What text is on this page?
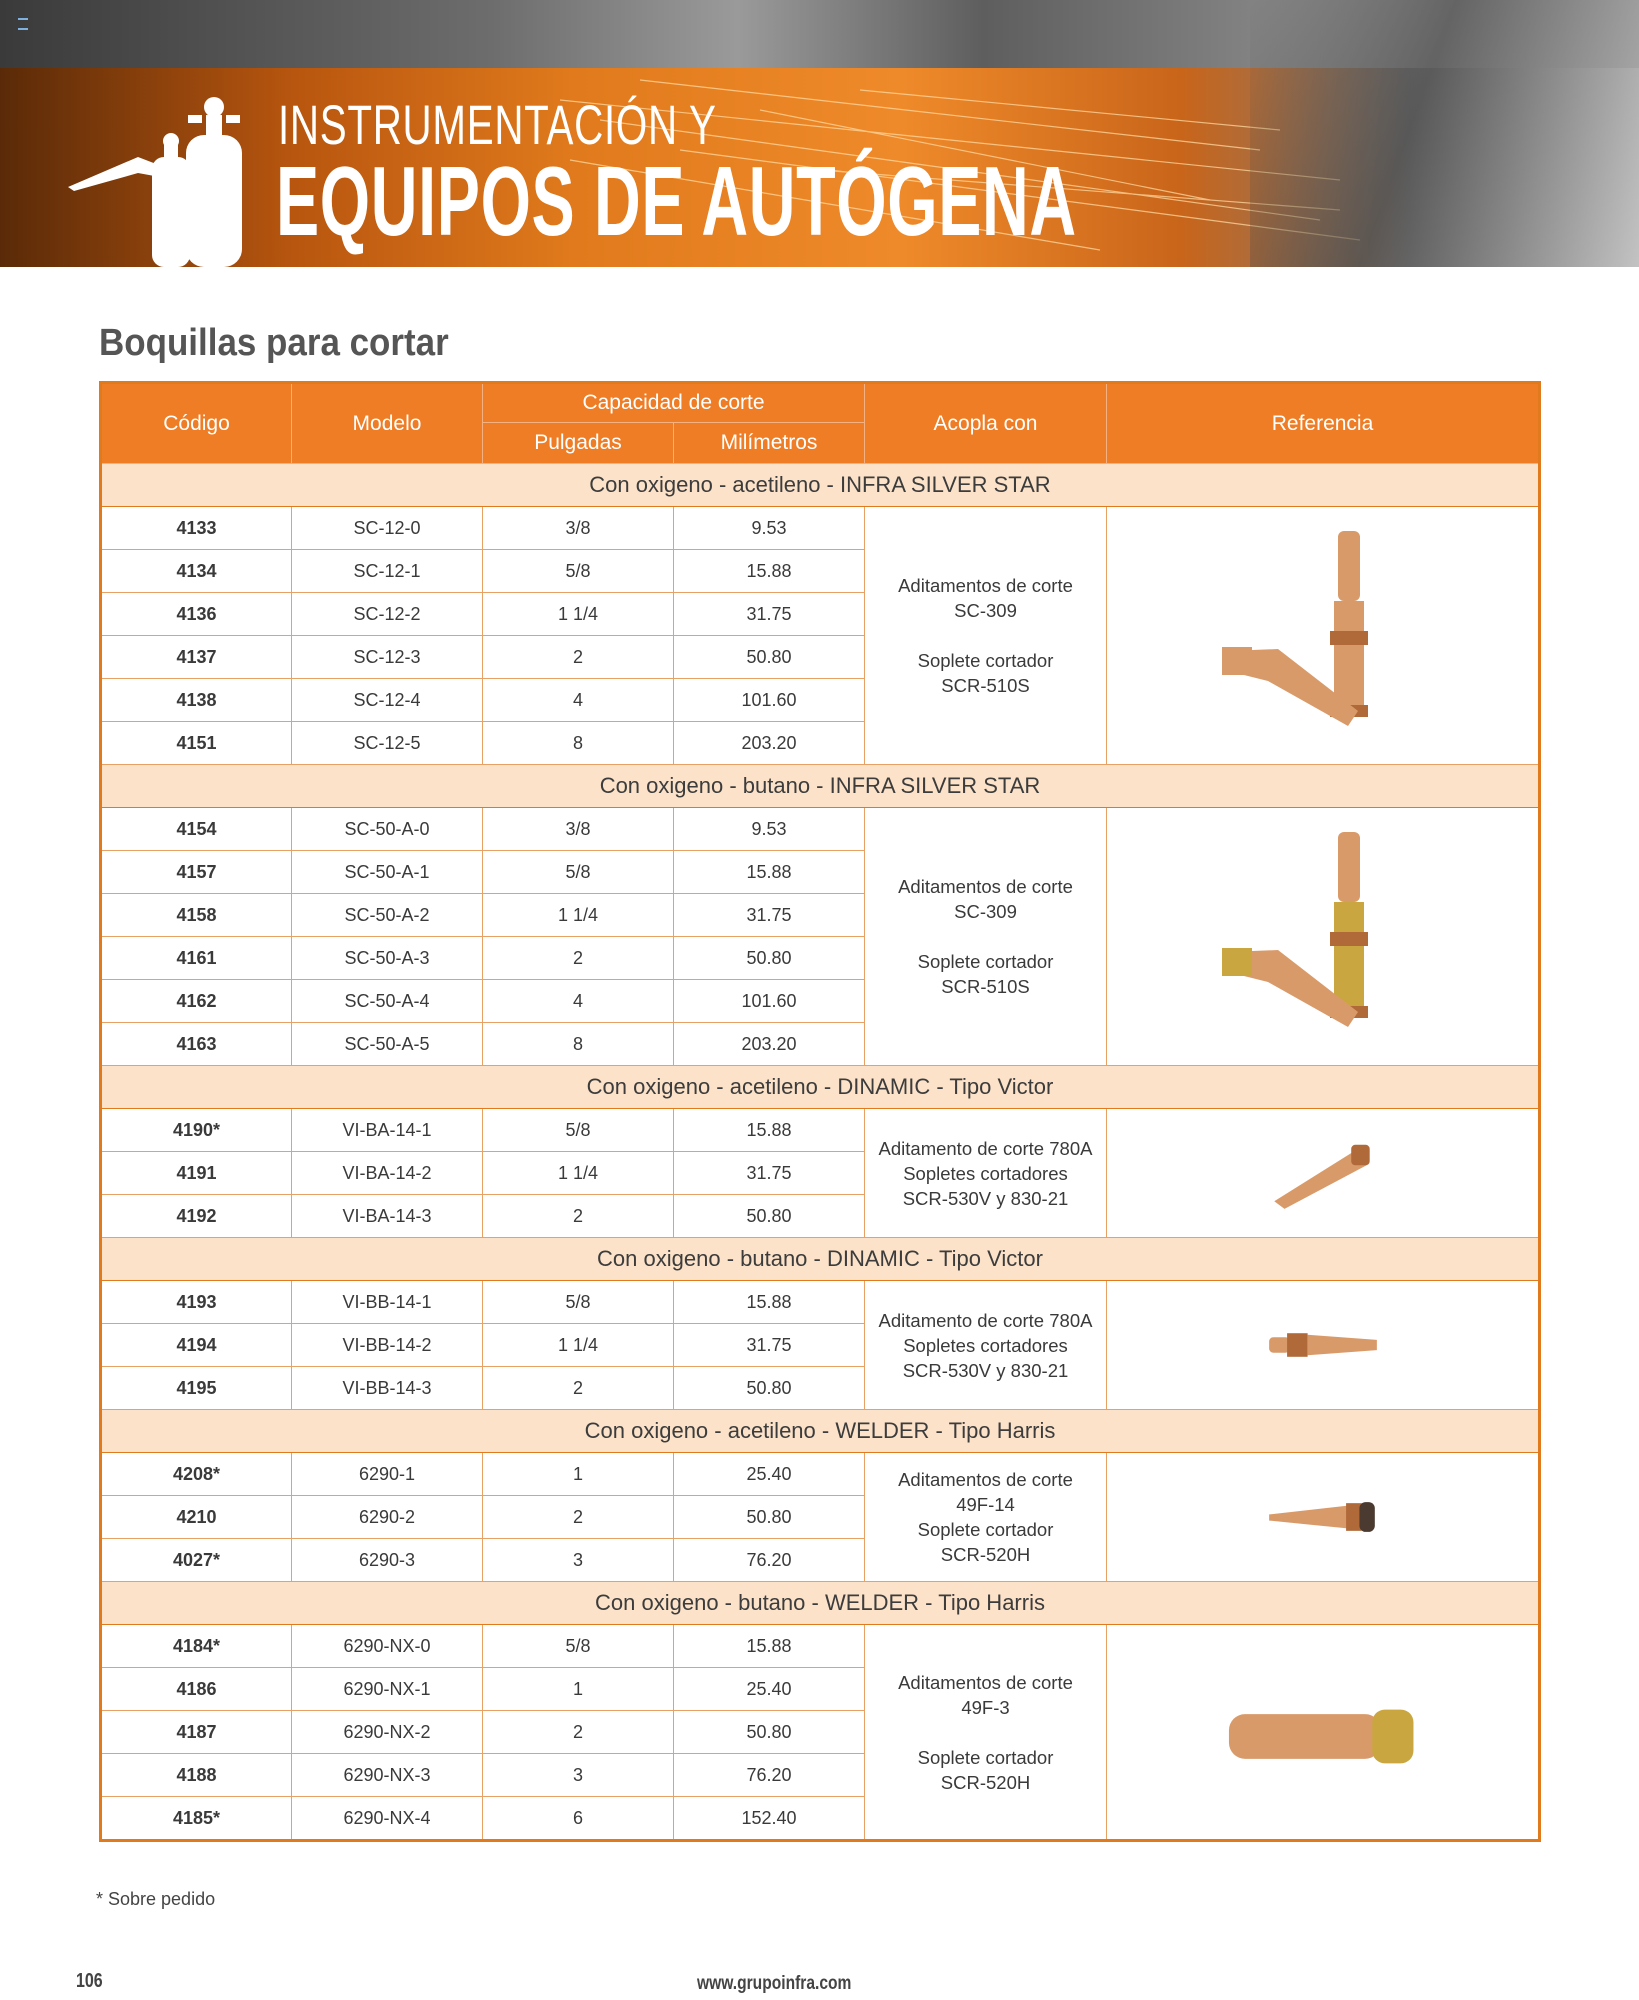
INSTRUMENTACIÓN Y
EQUIPOS DE AUTÓGENA
Boquillas para cortar
Código	Modelo	Capacidad de corte		Acopla con	Referencia
		Pulgadas	Milímetros		
Con oxigeno - acetileno - INFRA SILVER STAR					
4133	SC-12-0	3/8	9.53	Aditamentos de corte
SC-309
Soplete cortador
SCR-510S

4134	SC-12-1	5/8	15.88		
4136	SC-12-2	1 1/4	31.75		
4137	SC-12-3	2	50.80		
4138	SC-12-4	4	101.60		
4151	SC-12-5	8	203.20		
Con oxigeno - butano - INFRA SILVER STAR					
4154	SC-50-A-0	3/8	9.53	Aditamentos de corte
SC-309
Soplete cortador
SCR-510S

4157	SC-50-A-1	5/8	15.88		
4158	SC-50-A-2	1 1/4	31.75		
4161	SC-50-A-3	2	50.80		
4162	SC-50-A-4	4	101.60		
4163	SC-50-A-5	8	203.20		
Con oxigeno - acetileno - DINAMIC - Tipo Victor					
4190*	VI-BA-14-1	5/8	15.88	Aditamento de corte 780A
Sopletes cortadores
SCR-530V y 830-21

4191	VI-BA-14-2	1 1/4	31.75		
4192	VI-BA-14-3	2	50.80		
Con oxigeno - butano - DINAMIC - Tipo Victor					
4193	VI-BB-14-1	5/8	15.88	Aditamento de corte 780A
Sopletes cortadores
SCR-530V y 830-21

4194	VI-BB-14-2	1 1/4	31.75		
4195	VI-BB-14-3	2	50.80		
Con oxigeno - acetileno - WELDER - Tipo Harris					
4208*	6290-1	1	25.40	Aditamentos de corte
49F-14
Soplete cortador
SCR-520H

4210	6290-2	2	50.80		
4027*	6290-3	3	76.20		
Con oxigeno - butano - WELDER - Tipo Harris					
4184*	6290-NX-0	5/8	15.88	Aditamentos de corte
49F-3
Soplete cortador
SCR-520H

4186	6290-NX-1	1	25.40		
4187	6290-NX-2	2	50.80		
4188	6290-NX-3	3	76.20		
4185*	6290-NX-4	6	152.40		
* Sobre pedido
106	www.grupoinfra.com
